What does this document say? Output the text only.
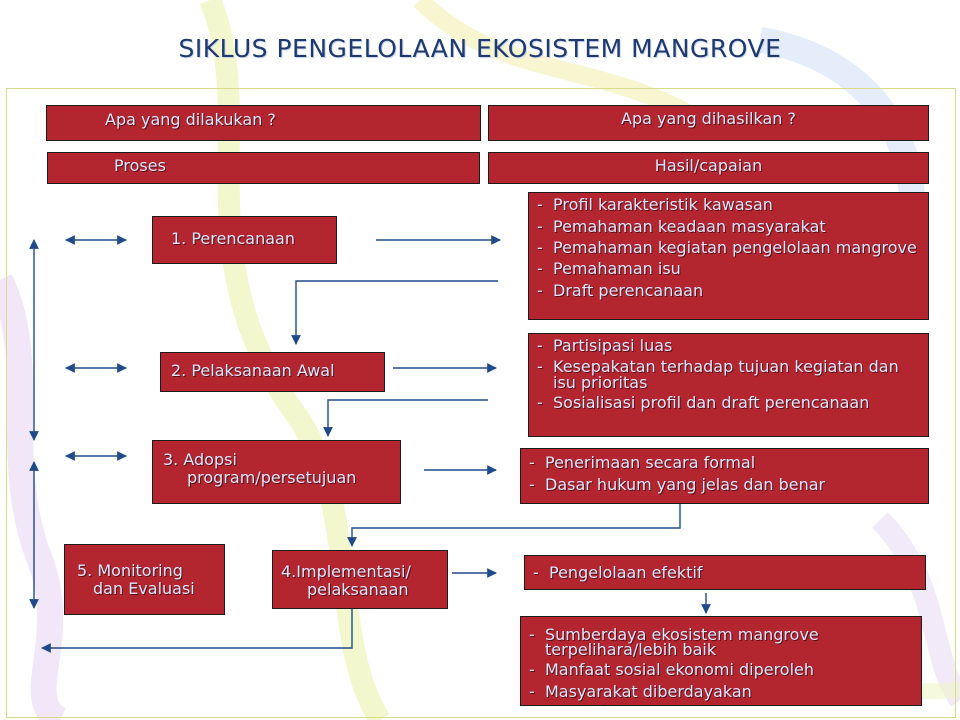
SIKLUS PENGELOLAAN EKOSISTEM MANGROVE
Apa yang dilakukan ?	Apa yang dihasilkan ?
Proses	Hasil/capaian
1. Perencanaan
2. Pelaksanaan Awal
3. Adopsi
program/persetujuan
4.Implementasi/
pelaksanaan
5. Monitoring
dan Evaluasi
- Profil karakteristik kawasan
- Pemahaman keadaan masyarakat
- Pemahaman kegiatan pengelolaan mangrove
- Pemahaman isu
- Draft perencanaan
- Partisipasi luas
- Kesepakatan terhadap tujuan kegiatan dan isu prioritas
- Sosialisasi profil dan draft perencanaan
- Penerimaan secara formal
- Dasar hukum yang jelas dan benar
- Pengelolaan efektif
- Sumberdaya ekosistem mangrove terpelihara/lebih baik
- Manfaat sosial ekonomi diperoleh
- Masyarakat diberdayakan
